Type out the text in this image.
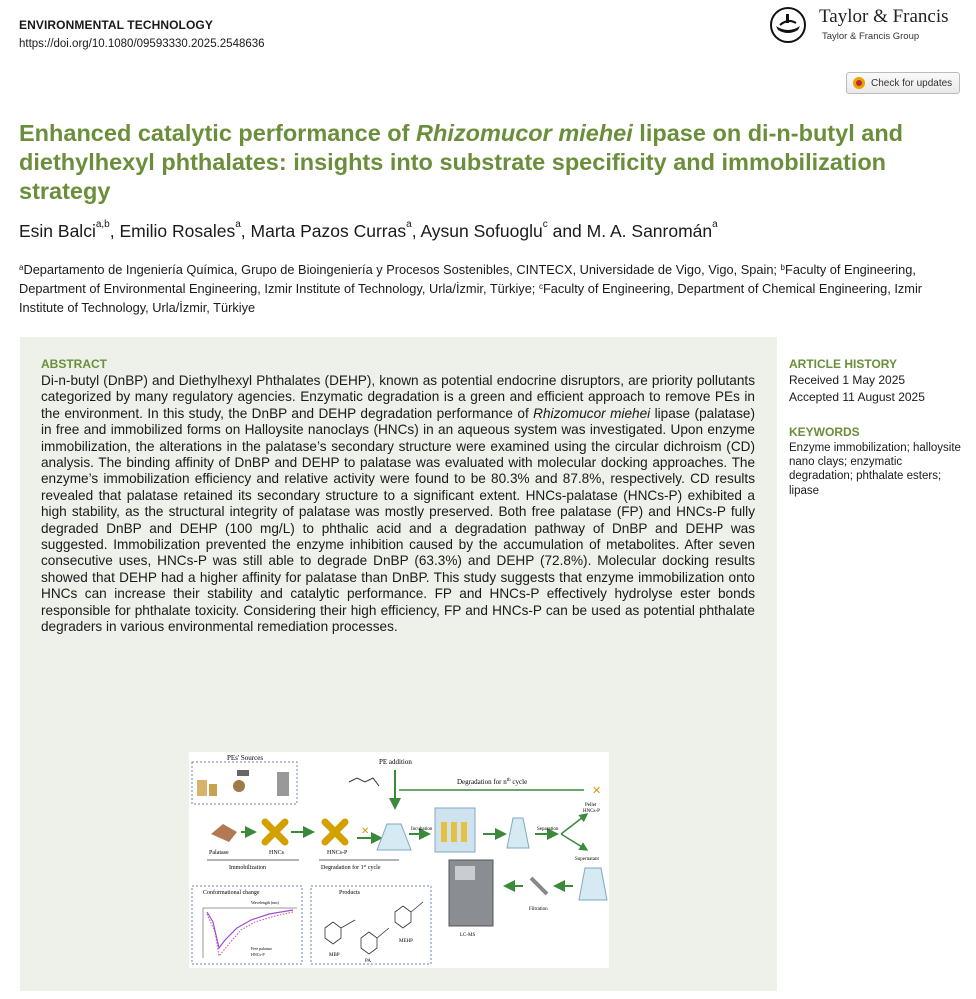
ENVIRONMENTAL TECHNOLOGY
https://doi.org/10.1080/09593330.2025.2548636
Taylor & Francis
Taylor & Francis Group
Check for updates
Enhanced catalytic performance of Rhizomucor miehei lipase on di-n-butyl and diethylhexyl phthalates: insights into substrate specificity and immobilization strategy
Esin Balci$^{a,b}$, Emilio Rosales$^a$, Marta Pazos Curras$^a$, Aysun Sofuoglu$^c$ and M. A. Sanromán$^a$
$^a$Departamento de Ingeniería Química, Grupo de Bioingeniería y Procesos Sostenibles, CINTECX, Universidade de Vigo, Vigo, Spain; $^b$Faculty of Engineering, Department of Environmental Engineering, Izmir Institute of Technology, Urla/İzmir, Türkiye; $^c$Faculty of Engineering, Department of Chemical Engineering, Izmir Institute of Technology, Urla/İzmir, Türkiye
ABSTRACT
Di-n-butyl (DnBP) and Diethylhexyl Phthalates (DEHP), known as potential endocrine disruptors, are priority pollutants categorized by many regulatory agencies. Enzymatic degradation is a green and efficient approach to remove PEs in the environment. In this study, the DnBP and DEHP degradation performance of Rhizomucor miehei lipase (palatase) in free and immobilized forms on Halloysite nanoclays (HNCs) in an aqueous system was investigated. Upon enzyme immobilization, the alterations in the palatase’s secondary structure were examined using the circular dichroism (CD) analysis. The binding affinity of DnBP and DEHP to palatase was evaluated with molecular docking approaches. The enzyme’s immobilization efficiency and relative activity were found to be 80.3% and 87.8%, respectively. CD results revealed that palatase retained its secondary structure to a significant extent. HNCs-palatase (HNCs-P) exhibited a high stability, as the structural integrity of palatase was mostly preserved. Both free palatase (FP) and HNCs-P fully degraded DnBP and DEHP (100 mg/L) to phthalic acid and a degradation pathway of DnBP and DEHP was suggested. Immobilization prevented the enzyme inhibition caused by the accumulation of metabolites. After seven consecutive uses, HNCs-P was still able to degrade DnBP (63.3%) and DEHP (72.8%). Molecular docking results showed that DEHP had a higher affinity for palatase than DnBP. This study suggests that enzyme immobilization onto HNCs can increase their stability and catalytic performance. FP and HNCs-P effectively hydrolyse ester bonds responsible for phthalate toxicity. Considering their high efficiency, FP and HNCs-P can be used as potential phthalate degraders in various environmental remediation processes.
ARTICLE HISTORY
Received 1 May 2025
Accepted 11 August 2025
KEYWORDS
Enzyme immobilization; halloysite nano clays; enzymatic degradation; phthalate esters; lipase
PEs' Sources	PE addition
Degradation for $n^{th}$ cycle
✕
Pellet
HNCs-P
Palatase	HNCs	HNCs-P
✕
Immobilization	Degradation for 1st cycle
Incubation	Separation
Supernatant
Filtration
LC-MS
Conformational change
Wavelength (nm)
Free palatase
HNCs-P
Products
MBP
PA
MEHP
